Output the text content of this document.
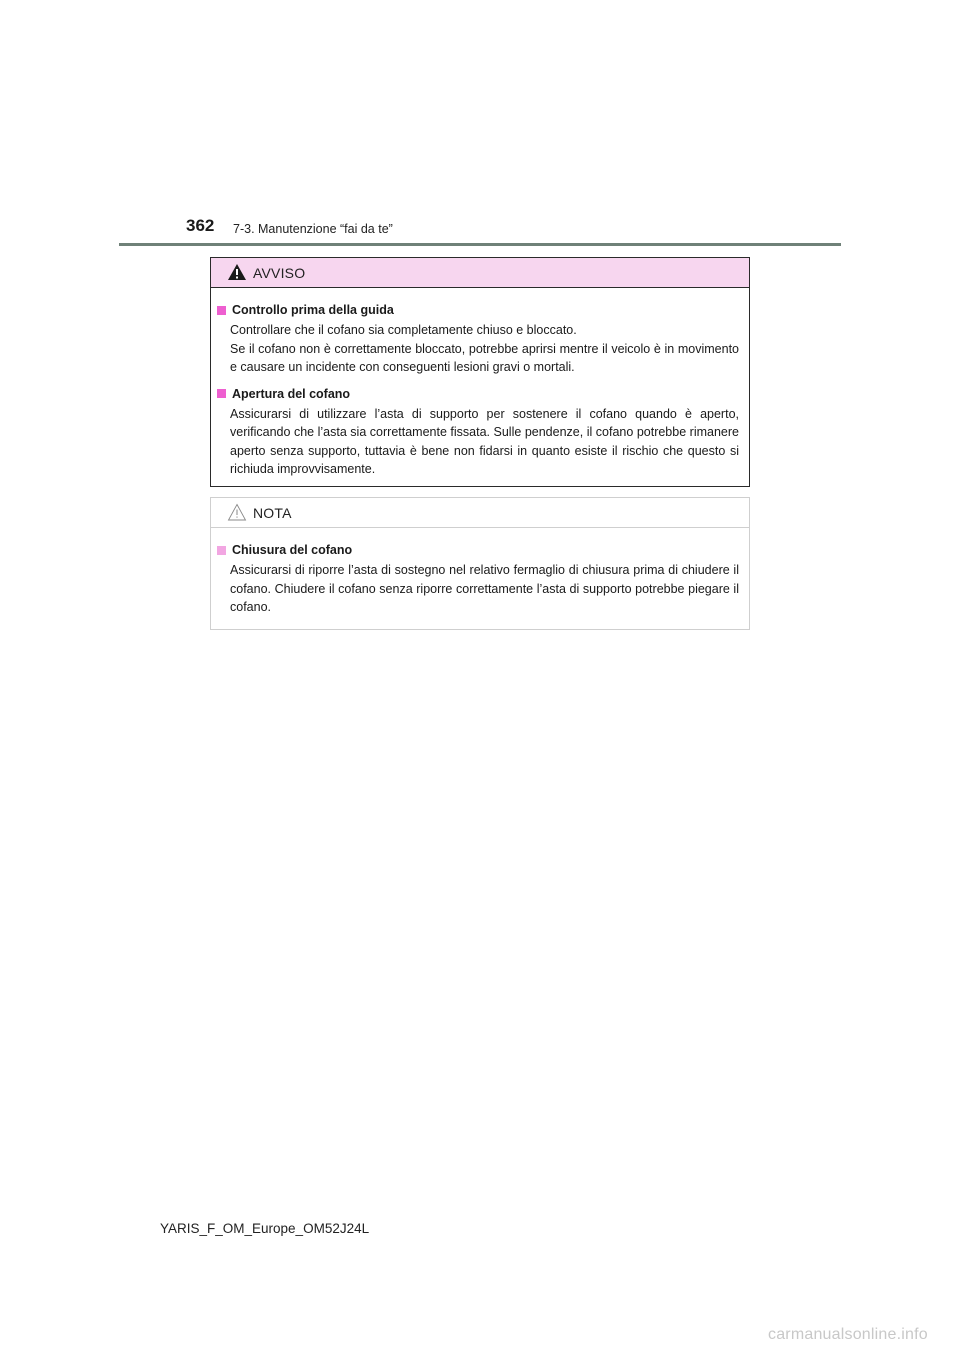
362 7-3. Manutenzione “fai da te”
AVVISO
Controllo prima della guida
Controllare che il cofano sia completamente chiuso e bloccato.
Se il cofano non è correttamente bloccato, potrebbe aprirsi mentre il veicolo è in movimento e causare un incidente con conseguenti lesioni gravi o mortali.
Apertura del cofano
Assicurarsi di utilizzare l’asta di supporto per sostenere il cofano quando è aperto, verificando che l’asta sia correttamente fissata. Sulle pendenze, il cofano potrebbe rimanere aperto senza supporto, tuttavia è bene non fidarsi in quanto esiste il rischio che questo si richiuda improvvisamente.
NOTA
Chiusura del cofano
Assicurarsi di riporre l’asta di sostegno nel relativo fermaglio di chiusura prima di chiudere il cofano. Chiudere il cofano senza riporre correttamente l’asta di supporto potrebbe piegare il cofano.
YARIS_F_OM_Europe_OM52J24L
carmanualsonline.info
